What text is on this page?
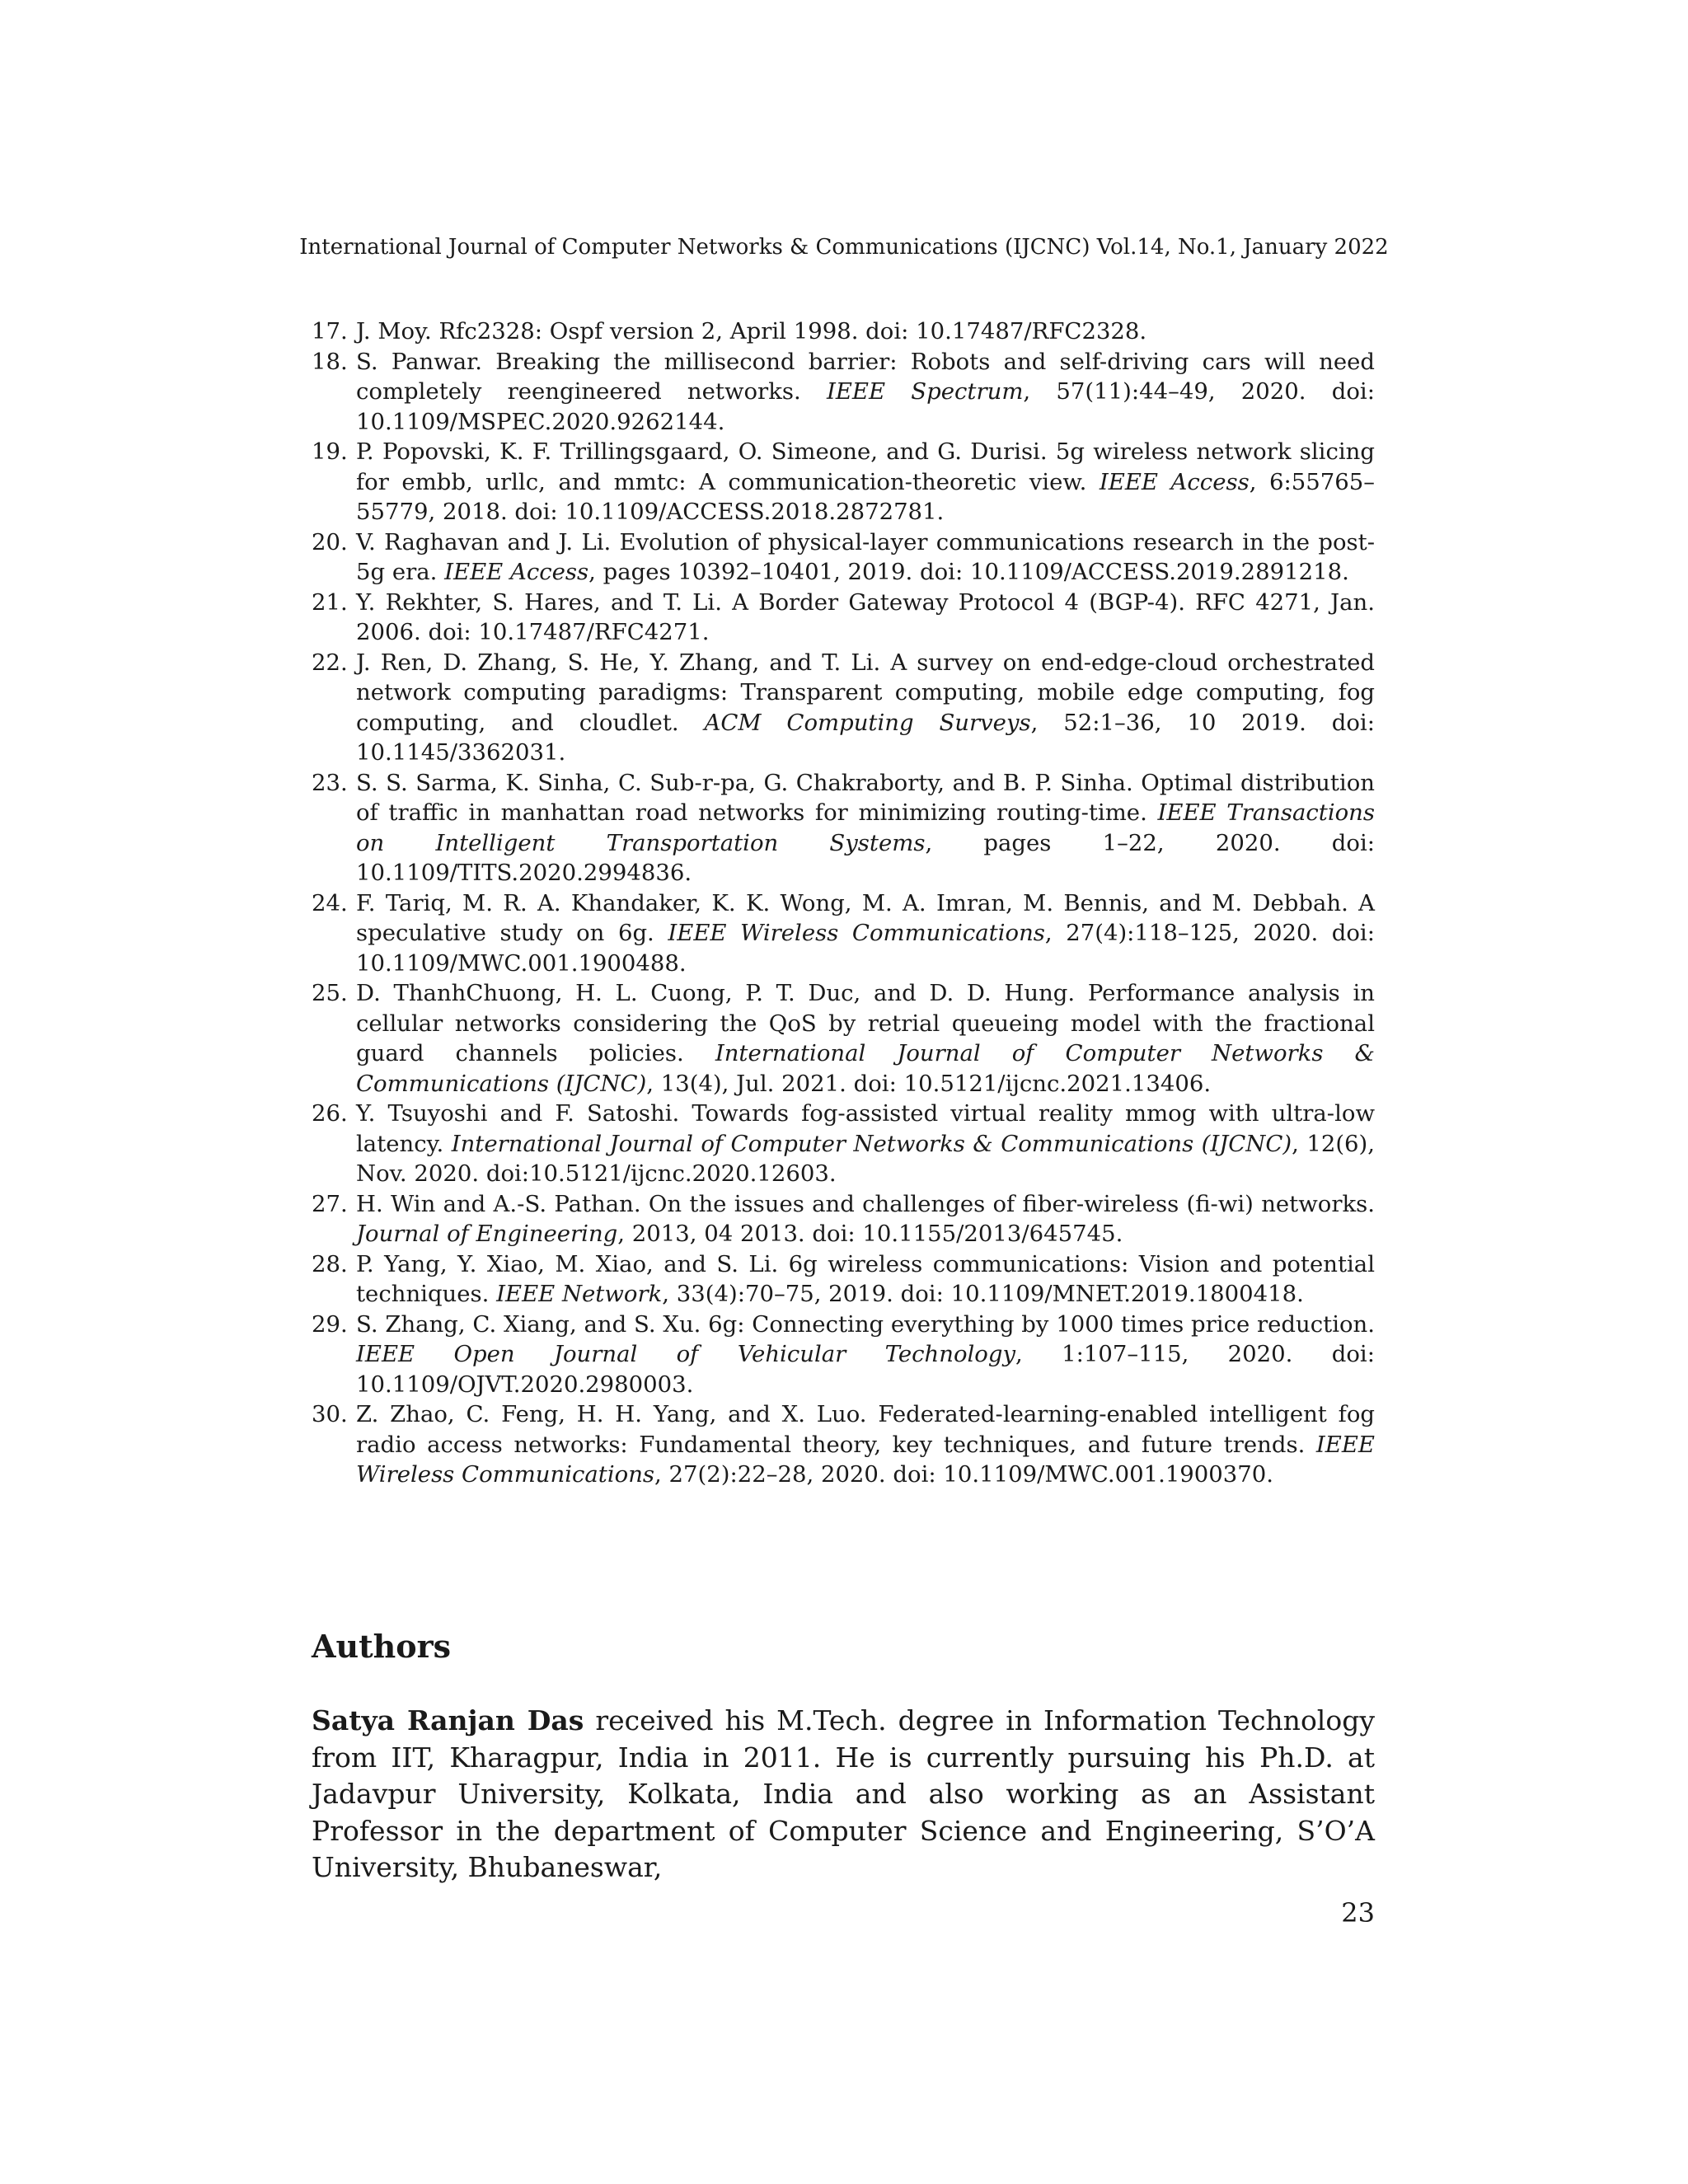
International Journal of Computer Networks & Communications (IJCNC) Vol.14, No.1, January 2022
17. J. Moy. Rfc2328: Ospf version 2, April 1998. doi: 10.17487/RFC2328.
18. S. Panwar. Breaking the millisecond barrier: Robots and self-driving cars will need completely reengineered networks. IEEE Spectrum, 57(11):44–49, 2020. doi: 10.1109/MSPEC.2020.9262144.
19. P. Popovski, K. F. Trillingsgaard, O. Simeone, and G. Durisi. 5g wireless network slicing for embb, urllc, and mmtc: A communication-theoretic view. IEEE Access, 6:55765–55779, 2018. doi: 10.1109/ACCESS.2018.2872781.
20. V. Raghavan and J. Li. Evolution of physical-layer communications research in the post-5g era. IEEE Access, pages 10392–10401, 2019. doi: 10.1109/ACCESS.2019.2891218.
21. Y. Rekhter, S. Hares, and T. Li. A Border Gateway Protocol 4 (BGP-4). RFC 4271, Jan. 2006. doi: 10.17487/RFC4271.
22. J. Ren, D. Zhang, S. He, Y. Zhang, and T. Li. A survey on end-edge-cloud orchestrated network computing paradigms: Transparent computing, mobile edge computing, fog computing, and cloudlet. ACM Computing Surveys, 52:1–36, 10 2019. doi: 10.1145/3362031.
23. S. S. Sarma, K. Sinha, C. Sub-r-pa, G. Chakraborty, and B. P. Sinha. Optimal distribution of traffic in manhattan road networks for minimizing routing-time. IEEE Transactions on Intelligent Transportation Systems, pages 1–22, 2020. doi: 10.1109/TITS.2020.2994836.
24. F. Tariq, M. R. A. Khandaker, K. K. Wong, M. A. Imran, M. Bennis, and M. Debbah. A speculative study on 6g. IEEE Wireless Communications, 27(4):118–125, 2020. doi: 10.1109/MWC.001.1900488.
25. D. ThanhChuong, H. L. Cuong, P. T. Duc, and D. D. Hung. Performance analysis in cellular networks considering the QoS by retrial queueing model with the fractional guard channels policies. International Journal of Computer Networks & Communications (IJCNC), 13(4), Jul. 2021. doi: 10.5121/ijcnc.2021.13406.
26. Y. Tsuyoshi and F. Satoshi. Towards fog-assisted virtual reality mmog with ultra-low latency. International Journal of Computer Networks & Communications (IJCNC), 12(6), Nov. 2020. doi:10.5121/ijcnc.2020.12603.
27. H. Win and A.-S. Pathan. On the issues and challenges of fiber-wireless (fi-wi) networks. Journal of Engineering, 2013, 04 2013. doi: 10.1155/2013/645745.
28. P. Yang, Y. Xiao, M. Xiao, and S. Li. 6g wireless communications: Vision and potential techniques. IEEE Network, 33(4):70–75, 2019. doi: 10.1109/MNET.2019.1800418.
29. S. Zhang, C. Xiang, and S. Xu. 6g: Connecting everything by 1000 times price reduction. IEEE Open Journal of Vehicular Technology, 1:107–115, 2020. doi: 10.1109/OJVT.2020.2980003.
30. Z. Zhao, C. Feng, H. H. Yang, and X. Luo. Federated-learning-enabled intelligent fog radio access networks: Fundamental theory, key techniques, and future trends. IEEE Wireless Communications, 27(2):22–28, 2020. doi: 10.1109/MWC.001.1900370.
Authors

Satya Ranjan Das received his M.Tech. degree in Information Technology from IIT, Kharagpur, India in 2011. He is currently pursuing his Ph.D. at Jadavpur University, Kolkata, India and also working as an Assistant Professor in the department of Computer Science and Engineering, S’O’A University, Bhubaneswar,

23
